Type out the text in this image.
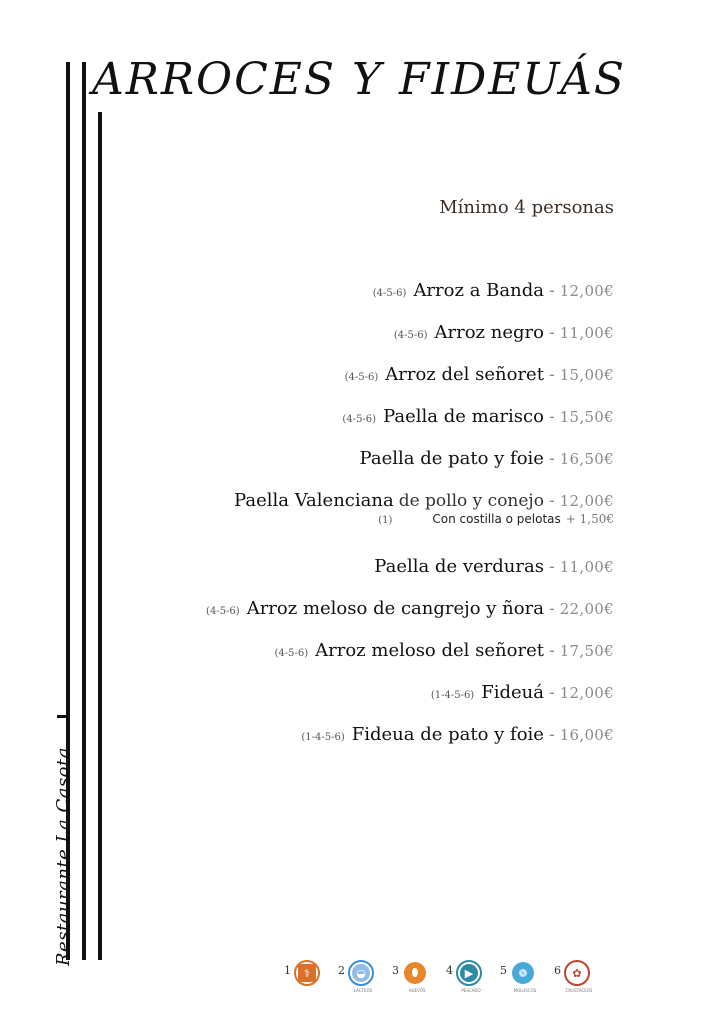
Restaurante La Casota
ARROCES Y FIDEUÁS

Mínimo 4 personas

(4-5-6) Arroz a Banda - 12,00€
(4-5-6) Arroz negro - 11,00€
(4-5-6) Arroz del señoret - 15,00€
(4-5-6) Paella de marisco - 15,50€
Paella de pato y foie - 16,50€
Paella Valenciana de pollo y conejo - 12,00€
(1)	Con costilla o pelotas + 1,50€
Paella de verduras - 11,00€
(4-5-6) Arroz meloso de cangrejo y ñora - 22,00€
(4-5-6) Arroz meloso del señoret - 17,50€
(1-4-5-6) Fideuá - 12,00€
(1-4-5-6) Fideua de pato y foie - 16,00€
1	⚕	2	◒
LACTEOS
3	⬮
HUEVOS
4	▶
PESCADO
5	❁
MOLUSCOS
6	✿
CRUSTÁCEOS
